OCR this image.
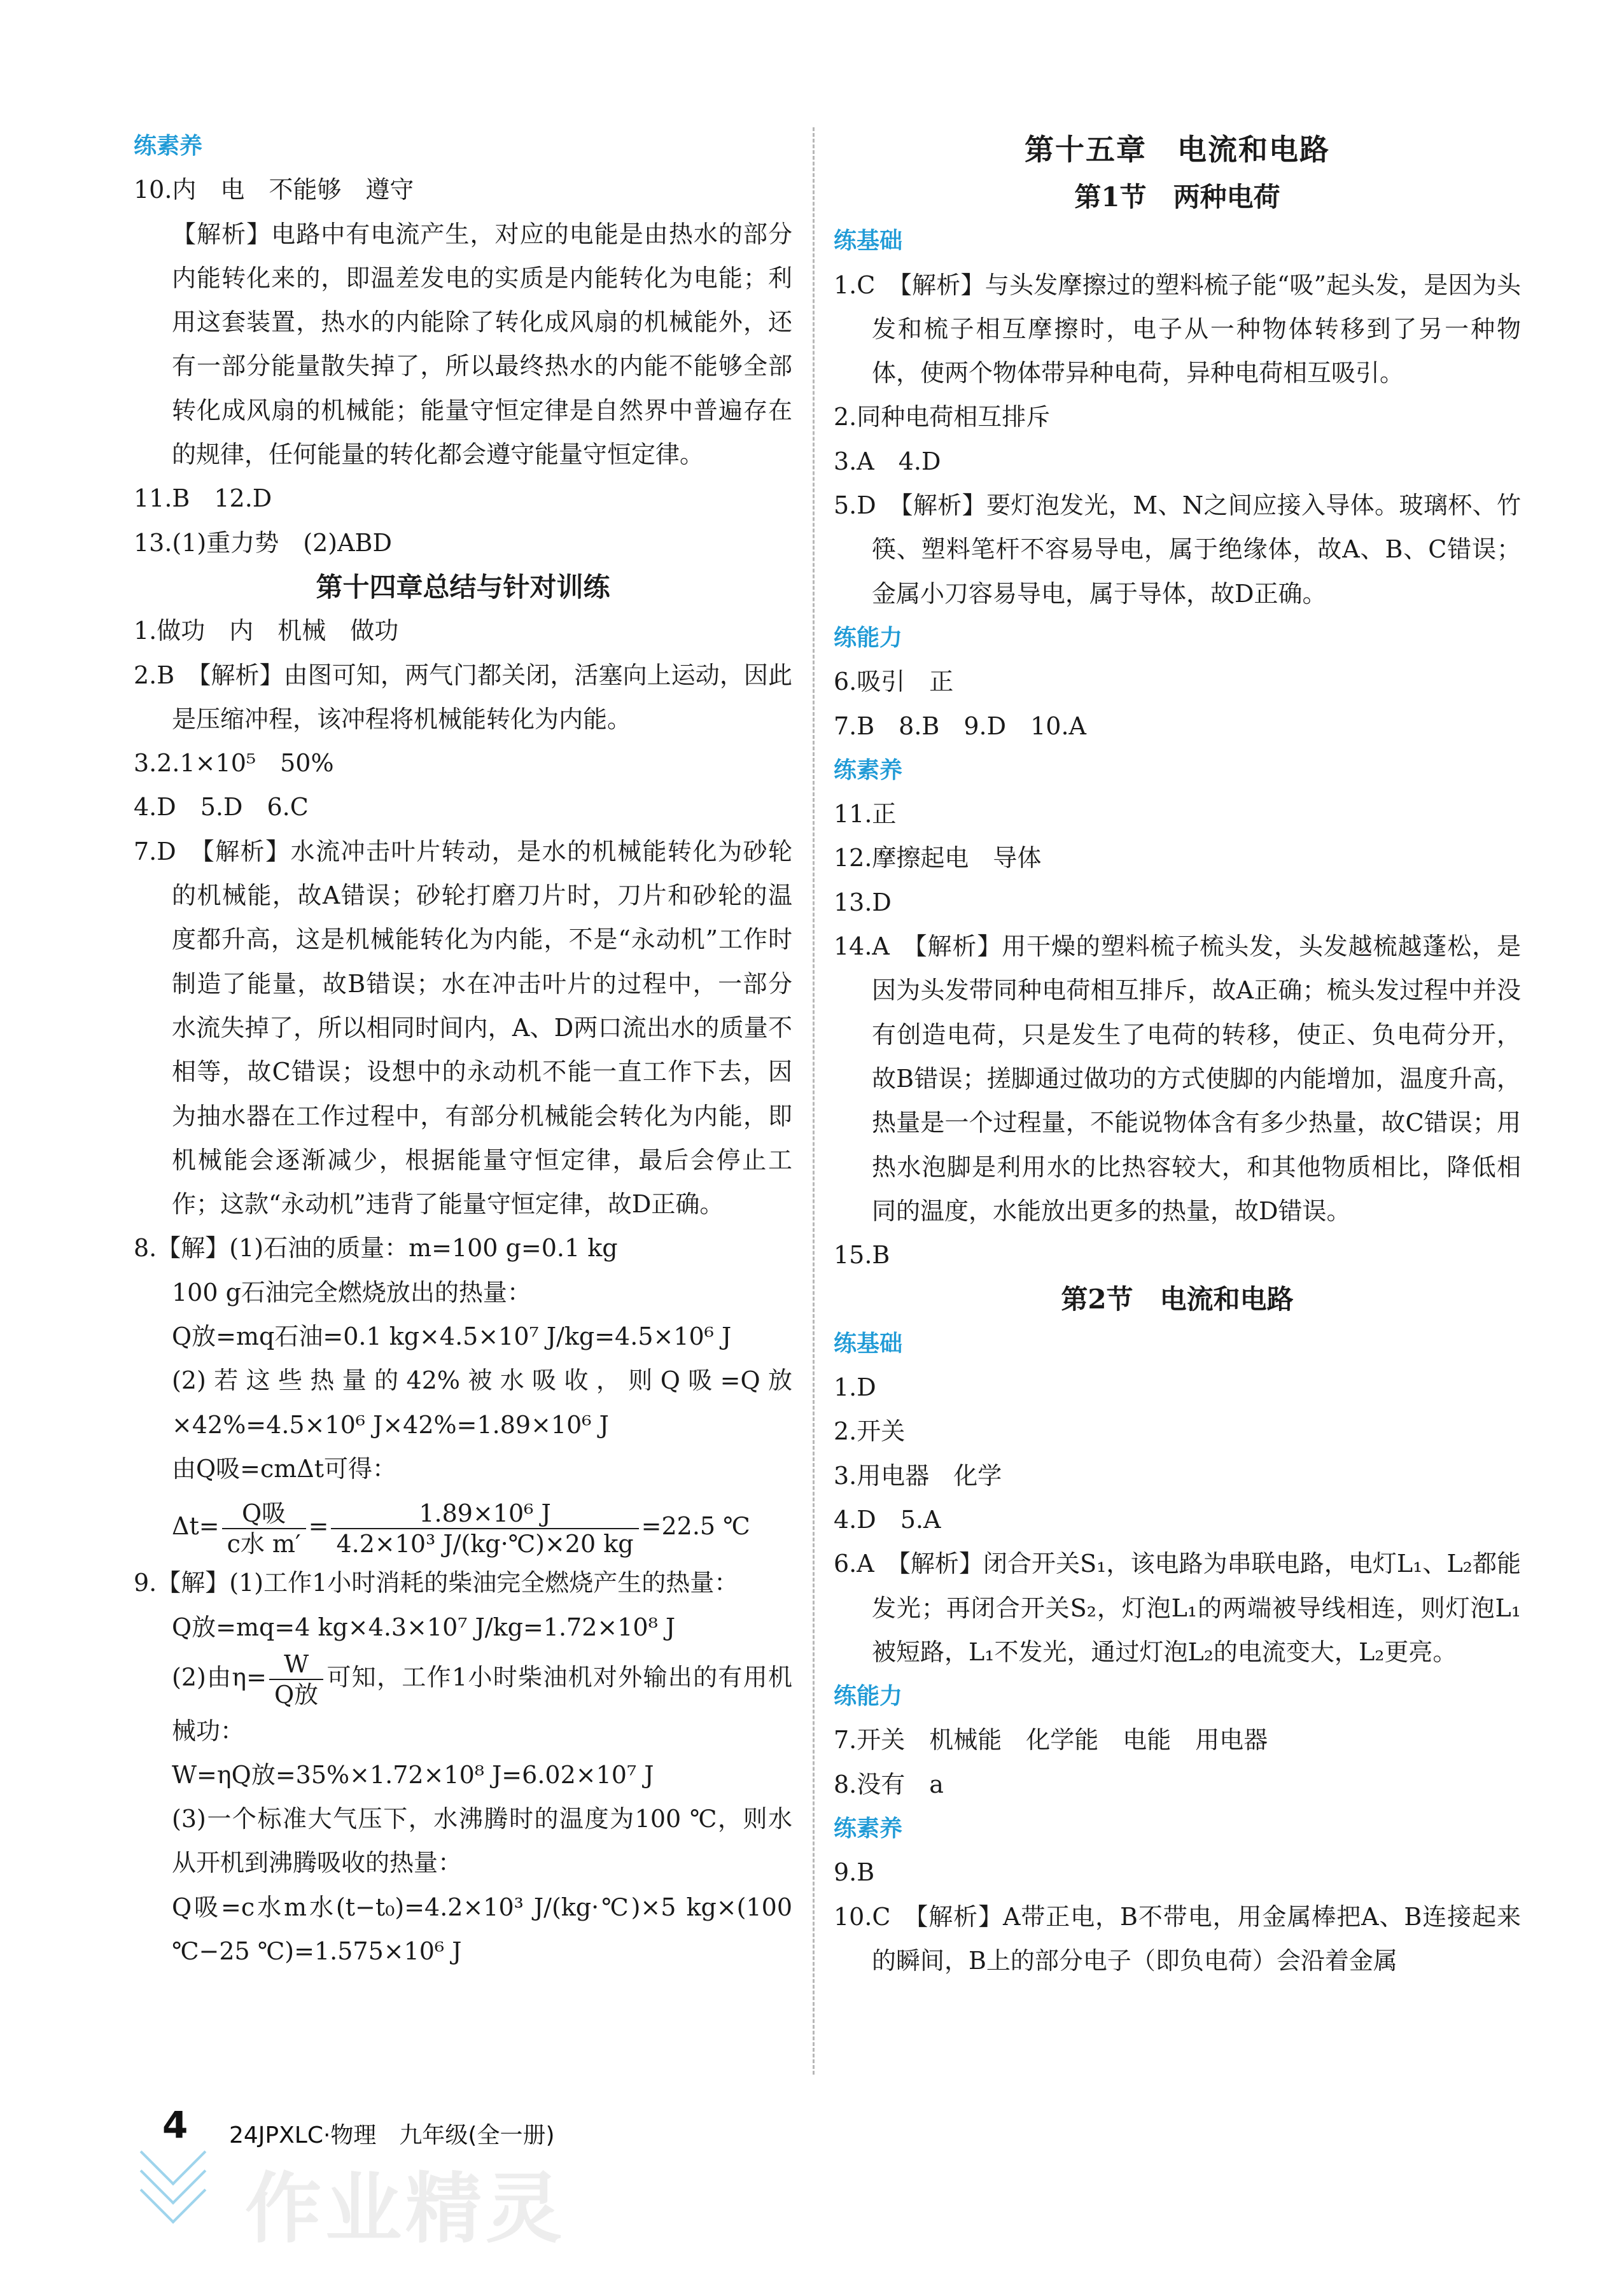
练素养
10.内　电　不能够　遵守
【解析】电路中有电流产生，对应的电能是由热水的部分内能转化来的，即温差发电的实质是内能转化为电能；利用这套装置，热水的内能除了转化成风扇的机械能外，还有一部分能量散失掉了，所以最终热水的内能不能够全部转化成风扇的机械能；能量守恒定律是自然界中普遍存在的规律，任何能量的转化都会遵守能量守恒定律。
11.B　12.D
13.(1)重力势　(2)ABD
第十四章总结与针对训练
1.做功　内　机械　做功
2.B　【解析】由图可知，两气门都关闭，活塞向上运动，因此是压缩冲程，该冲程将机械能转化为内能。
3.2.1×10⁵　50%
4.D　5.D　6.C
7.D　【解析】水流冲击叶片转动，是水的机械能转化为砂轮的机械能，故A错误；砂轮打磨刀片时，刀片和砂轮的温度都升高，这是机械能转化为内能，不是“永动机”工作时制造了能量，故B错误；水在冲击叶片的过程中，一部分水流失掉了，所以相同时间内，A、D两口流出水的质量不相等，故C错误；设想中的永动机不能一直工作下去，因为抽水器在工作过程中，有部分机械能会转化为内能，即机械能会逐渐减少，根据能量守恒定律，最后会停止工作；这款“永动机”违背了能量守恒定律，故D正确。
8.【解】(1)石油的质量：m=100 g=0.1 kg
100 g石油完全燃烧放出的热量：
Q放=mq石油=0.1 kg×4.5×10⁷ J/kg=4.5×10⁶ J
(2)若这些热量的42%被水吸收，则Q吸=Q放×42%=4.5×10⁶ J×42%=1.89×10⁶ J
由Q吸=cmΔt可得：
$\Delta t= \frac{\text{Q吸}}{\text{c水 m′}} = \frac{\text{1.89×10⁶ J}}{\text{4.2×10³ J/(kg·℃)×20 kg}} =22.5$ ℃
9.【解】(1)工作1小时消耗的柴油完全燃烧产生的热量：
Q放=mq=4 kg×4.3×10⁷ J/kg=1.72×10⁸ J
(2)由$\eta= \frac{W}{\text{Q放}}$ 可知，工作1小时柴油机对外输出的有用机械功：
W=ηQ放=35%×1.72×10⁸ J=6.02×10⁷ J
(3)一个标准大气压下，水沸腾时的温度为100 ℃，则水从开机到沸腾吸收的热量：
Q吸=c水m水(t−t₀)=4.2×10³ J/(kg·℃)×5 kg×(100 ℃−25 ℃)=1.575×10⁶ J
第十五章　电流和电路
第1节　两种电荷
练基础
1.C　【解析】与头发摩擦过的塑料梳子能“吸”起头发，是因为头发和梳子相互摩擦时，电子从一种物体转移到了另一种物体，使两个物体带异种电荷，异种电荷相互吸引。
2.同种电荷相互排斥
3.A　4.D
5.D　【解析】要灯泡发光，M、N之间应接入导体。玻璃杯、竹筷、塑料笔杆不容易导电，属于绝缘体，故A、B、C错误；金属小刀容易导电，属于导体，故D正确。
练能力
6.吸引　正
7.B　8.B　9.D　10.A
练素养
11.正
12.摩擦起电　导体
13.D
14.A　【解析】用干燥的塑料梳子梳头发，头发越梳越蓬松，是因为头发带同种电荷相互排斥，故A正确；梳头发过程中并没有创造电荷，只是发生了电荷的转移，使正、负电荷分开，故B错误；搓脚通过做功的方式使脚的内能增加，温度升高，热量是一个过程量，不能说物体含有多少热量，故C错误；用热水泡脚是利用水的比热容较大，和其他物质相比，降低相同的温度，水能放出更多的热量，故D错误。
15.B
第2节　电流和电路
练基础
1.D
2.开关
3.用电器　化学
4.D　5.A
6.A　【解析】闭合开关S₁，该电路为串联电路，电灯L₁、L₂都能发光；再闭合开关S₂，灯泡L₁的两端被导线相连，则灯泡L₁被短路，L₁不发光，通过灯泡L₂的电流变大，L₂更亮。
练能力
7.开关　机械能　化学能　电能　用电器
8.没有　a
练素养
9.B
10.C　【解析】A带正电，B不带电，用金属棒把A、B连接起来的瞬间，B上的部分电子（即负电荷）会沿着金属
4 24JPXLC·物理　九年级(全一册)
作业精灵
